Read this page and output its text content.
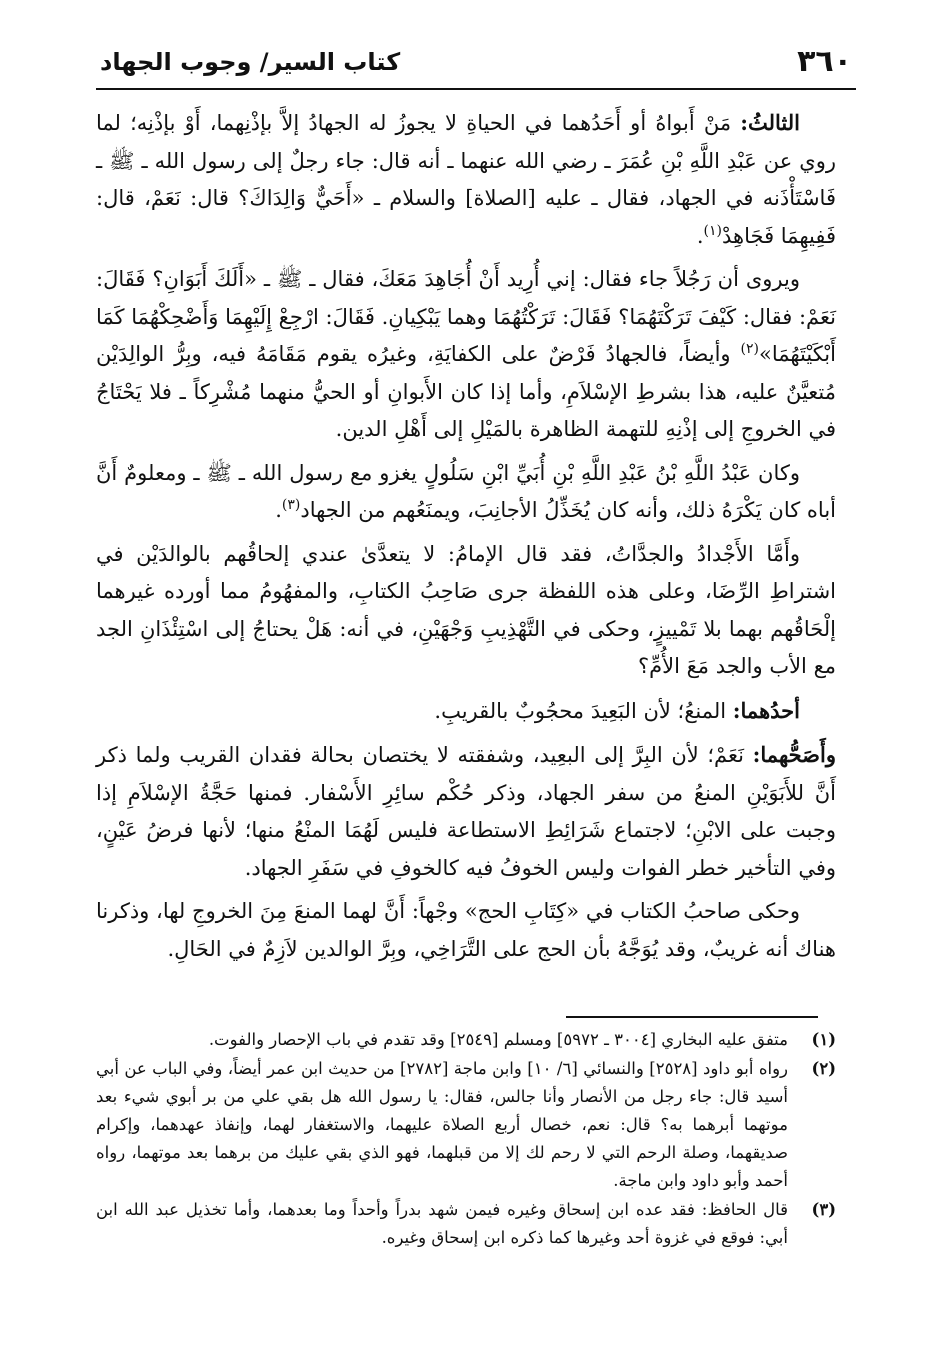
٣٦٠
كتاب السير/ وجوب الجهاد

الثالثُ: مَنْ أَبواهُ أو أَحَدُهما في الحياةِ لا يجوزُ له الجهادُ إلاَّ بإذْنِهما، أَوْ بإذْنِه؛ لما روي عن عَبْدِ اللَّهِ بْنِ عُمَرَ ـ رضي الله عنهما ـ أنه قال: جاء رجلٌ إلى رسول الله ـ ﷺ ـ فَاسْتَأْذَنه في الجهاد، فقال ـ عليه [الصلاة] والسلام ـ «أَحَيٌّ وَالِدَاكَ؟ قال: نَعَمْ، قال: فَفِيهِمَا فَجَاهِدْ$^{(١)}$.

ويروى أن رَجُلاً جاء فقال: إني أُرِيد أَنْ أُجَاهِدَ مَعَكَ، فقال ـ ﷺ ـ «أَلَكَ أَبَوَانِ؟ فَقَالَ: نَعَمْ: فقال: كَيْفَ تَرَكْتَهُمَا؟ فَقَالَ: تَرَكْتُهُمَا وهما يَبْكِيانِ. فَقَالَ: ارْجِعْ إِلَيْهِمَا وَأَضْحِكْهُمَا كَمَا أَبْكَيْتَهُمَا»$^{(٢)}$ وأيضاً، فالجهادُ فَرْضٌ على الكفايَةِ، وغيرُه يقوم مَقَامَهُ فيه، وبِرُّ الوالِدَيْن مُتعيَّنٌ عليه، هذا بشرطِ الإسْلاَمِ، وأما إذا كان الأَبوانِ أو الحيُّ منهما مُشْرِكاً ـ فلا يَحْتَاجُ في الخروجِ إلى إذْنِهِ للتهمة الظاهرة بالمَيْلِ إلى أَهْلِ الدين.

وكان عَبْدُ اللَّهِ بْنُ عَبْدِ اللَّهِ بْنِ أُبَيِّ ابْنِ سَلُولٍ يغزو مع رسول الله ـ ﷺ ـ ومعلومٌ أَنَّ أباه كان يَكْرَهُ ذلك، وأنه كان يُخَذِّلُ الأجانِبَ، ويمنَعُهم من الجهاد$^{(٣)}$.

وأَمَّا الأَجْدادُ والجدَّاتُ، فقد قال الإمامُ: لا يتعدَّىٰ عندي إلحاقُهم بالوالدَيْن في اشتراطِ الرِّضَا، وعلى هذه اللفظة جرى صَاحِبُ الكتابِ، والمفهُومُ مما أورده غيرهما إلْحَاقُهم بهما بلا تَمْييزٍ، وحكى في التَّهْذِيبِ وَجْهَيْنِ، في أنه: هَلْ يحتاجُ إلى اسْتِئْذَانِ الجد مع الأب والجد مَعَ الأُمِّ؟

أحدُهما: المنعُ؛ لأن البَعِيدَ محجُوبٌ بالقريبِ.

وأَصَحُّهما: نَعَمْ؛ لأن البِرَّ إلى البعِيد، وشفقته لا يختصان بحالة فقدان القريب ولما ذكر أَنَّ للأَبَوَيْنِ المنعُ من سفر الجهاد، وذكر حُكْم سائِرِ الأَسْفار. فمنها حَجَّةُ الإسْلاَمِ إذا وجبت على الابْنِ؛ لاجتماع شَرَائِطِ الاستطاعة فليس لَهُمَا المنْعُ منها؛ لأنها فرضُ عَيْنٍ، وفي التأخير خطر الفوات وليس الخوفُ فيه كالخوفِ في سَفَرِ الجهاد.

وحكى صاحبُ الكتاب في «كِتَابِ الحج» وجْهاً: أَنَّ لهما المنعَ مِنَ الخروجِ لها، وذكرنا هناك أنه غريبٌ، وقد يُوَجَّهُ بأن الحج على التَّرَاخِي، وبِرَّ الوالدين لاَزِمٌ في الحَالِ.

(١)
متفق عليه البخاري [٣٠٠٤ ـ ٥٩٧٢] ومسلم [٢٥٤٩] وقد تقدم في باب الإحصار والفوت.
(٢)
رواه أبو داود [٢٥٢٨] والنسائي [٦/ ١٠] وابن ماجة [٢٧٨٢] من حديث ابن عمر أيضاً، وفي الباب عن أبي أسيد قال: جاء رجل من الأنصار وأنا جالس، فقال: يا رسول الله هل بقي علي من بر أبوي شيء بعد موتهما أبرهما به؟ قال: نعم، خصال أربع الصلاة عليهما، والاستغفار لهما، وإنفاذ عهدهما، وإكرام صديقهما، وصلة الرحم التي لا رحم لك إلا من قبلهما، فهو الذي بقي عليك من برهما بعد موتهما، رواه أحمد وأبو داود وابن ماجة.
(٣)
قال الحافظ: فقد عده ابن إسحاق وغيره فيمن شهد بدراً وأحداً وما بعدهما، وأما تخذيل عبد الله ابن أبي: فوقع في غزوة أحد وغيرها كما ذكره ابن إسحاق وغيره.
